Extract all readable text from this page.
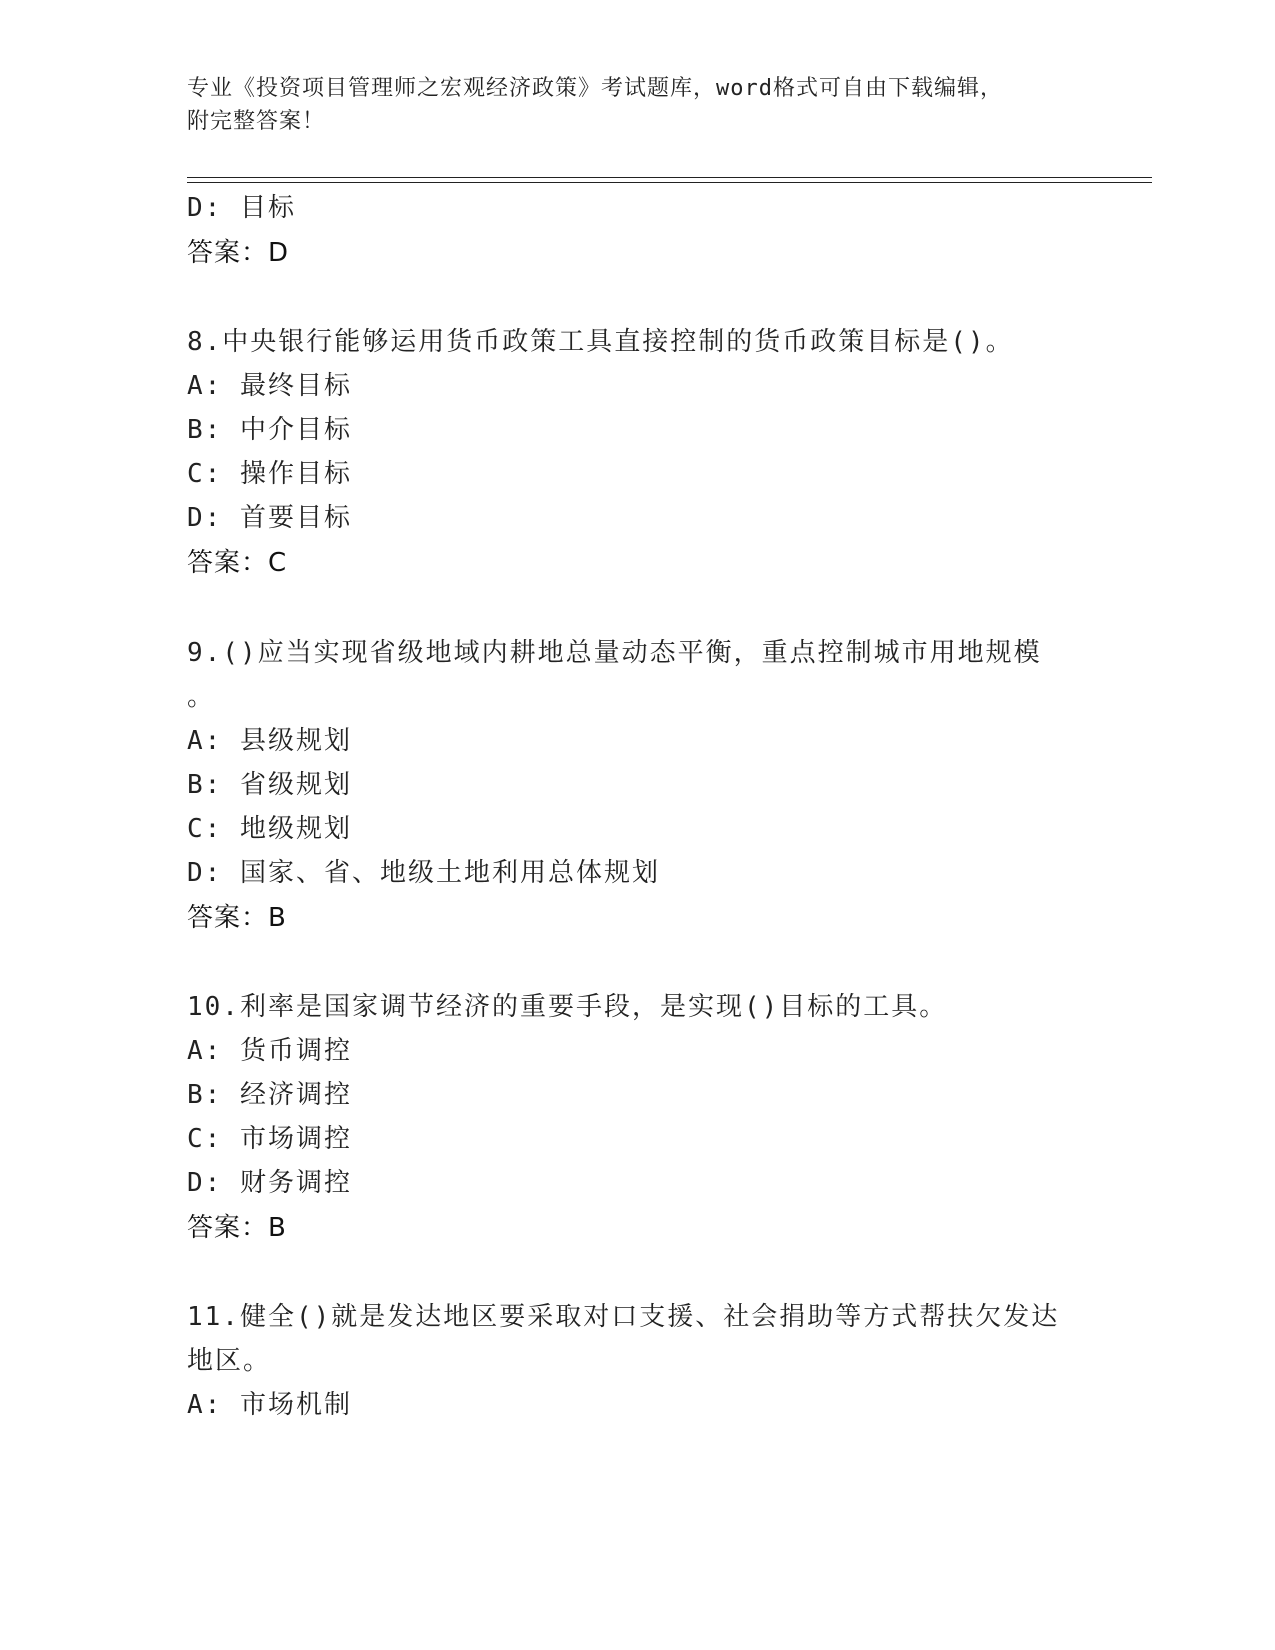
专业《投资项目管理师之宏观经济政策》考试题库，word格式可自由下载编辑，
附完整答案！
D: 目标
答案：D
8.中央银行能够运用货币政策工具直接控制的货币政策目标是()。
A: 最终目标
B: 中介目标
C: 操作目标
D: 首要目标
答案：C
9.()应当实现省级地域内耕地总量动态平衡，重点控制城市用地规模
。
A: 县级规划
B: 省级规划
C: 地级规划
D: 国家、省、地级土地利用总体规划
答案：B
10.利率是国家调节经济的重要手段，是实现()目标的工具。
A: 货币调控
B: 经济调控
C: 市场调控
D: 财务调控
答案：B
11.健全()就是发达地区要采取对口支援、社会捐助等方式帮扶欠发达
地区。
A: 市场机制
